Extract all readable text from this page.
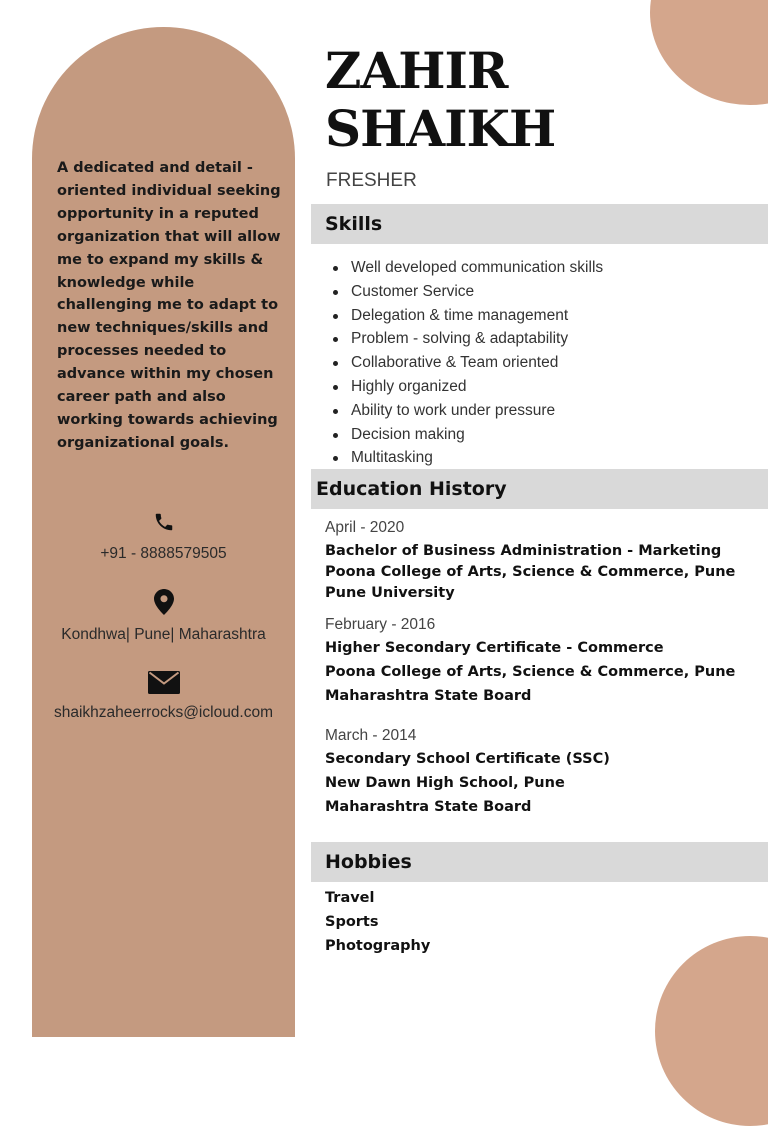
A dedicated and detail - oriented individual seeking opportunity in a reputed organization that will allow me to expand my skills & knowledge while challenging me to adapt to new techniques/skills and processes needed to advance within my chosen career path and also working towards achieving organizational goals.

+91 - 8888579505
Kondhwa| Pune| Maharashtra
shaikhzaheerrocks@icloud.com
ZAHIR
SHAIKH
FRESHER
Skills
Well developed communication skills
Customer Service
Delegation & time management
Problem - solving & adaptability
Collaborative & Team oriented
Highly organized
Ability to work under pressure
Decision making
Multitasking
Education History
April - 2020
Bachelor of Business Administration - Marketing
Poona College of Arts, Science & Commerce, Pune
Pune University
February - 2016
Higher Secondary Certificate - Commerce
Poona College of Arts, Science & Commerce, Pune
Maharashtra State Board
March - 2014
Secondary School Certificate (SSC)
New Dawn High School, Pune
Maharashtra State Board
Hobbies
Travel
Sports
Photography
